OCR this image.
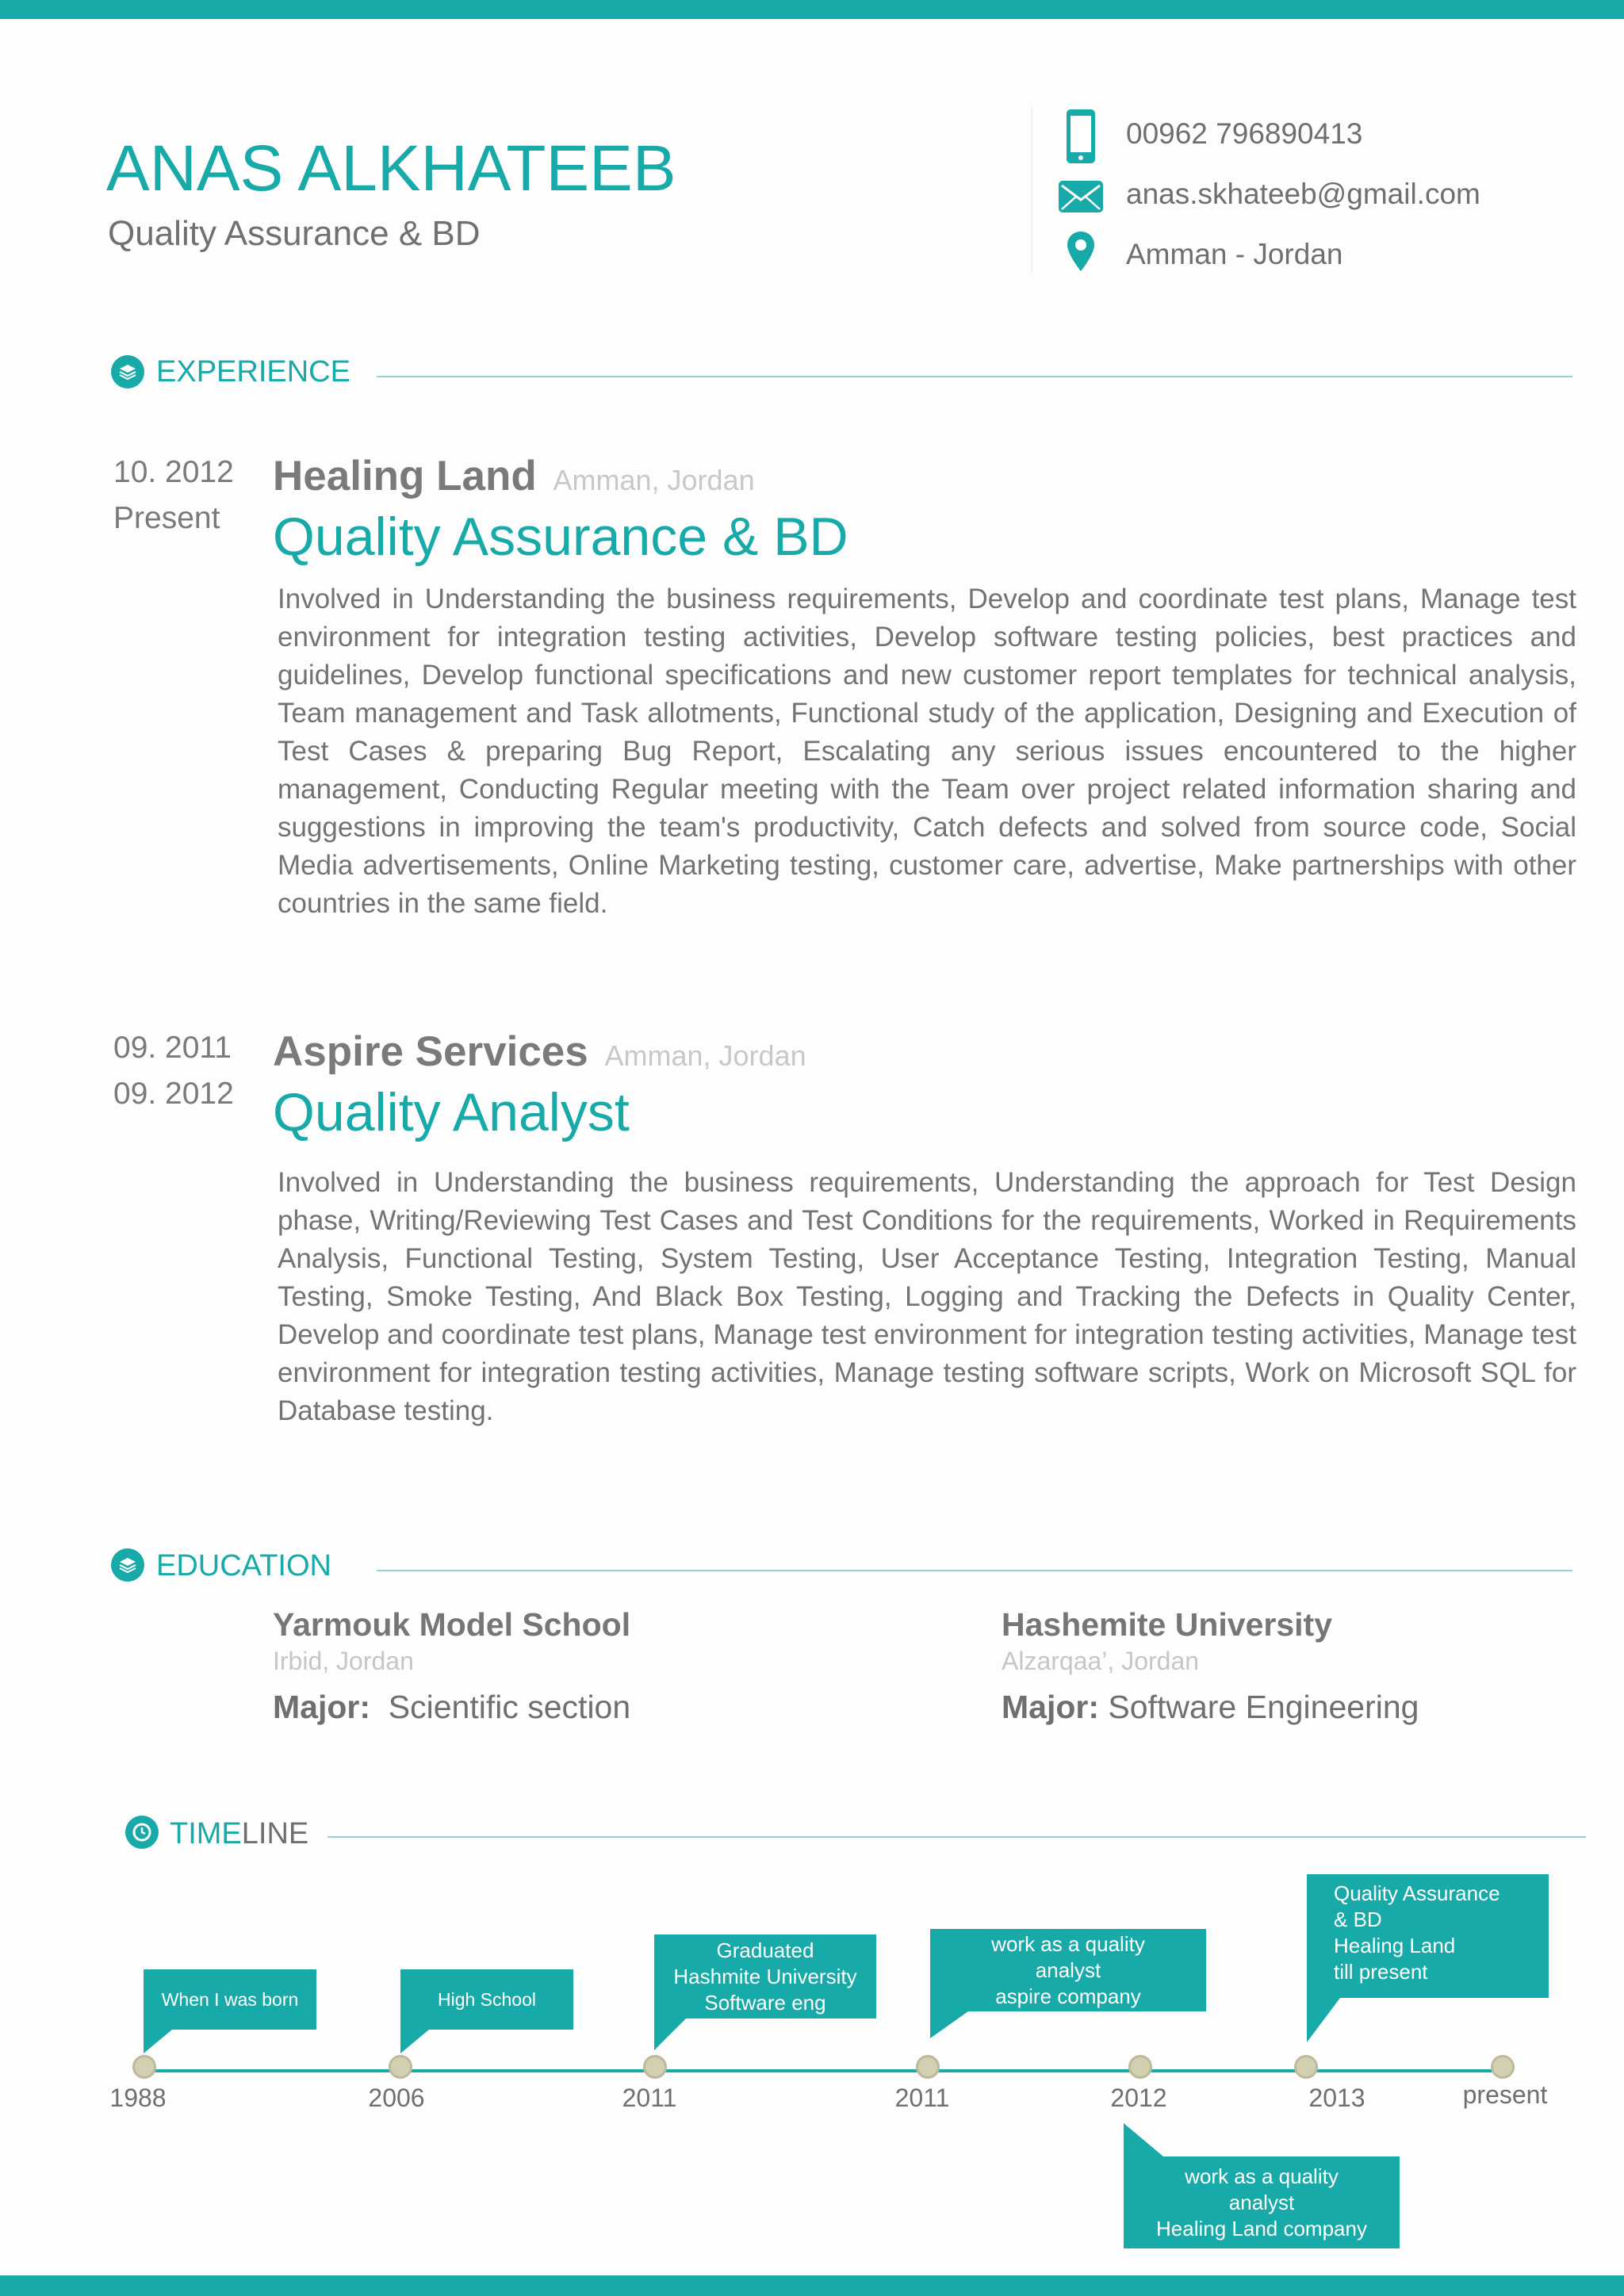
ANAS ALKHATEEB
Quality Assurance & BD
00962 796890413
anas.skhateeb@gmail.com
Amman - Jordan
EXPERIENCE
10. 2012
Present
Healing Land Amman, Jordan
Quality Assurance & BD
Involved in Understanding the business requirements, Develop and coordinate test plans, Manage test environment for integration testing activities, Develop software testing policies, best practices and guidelines, Develop functional specifications and new customer report templates for technical analysis, Team management and Task allotments, Functional study of the application, Designing and Execution of Test Cases & preparing Bug Report, Escalating any serious issues encountered to the higher management, Conducting Regular meeting with the Team over project related information sharing and suggestions in improving the team's productivity, Catch defects and solved from source code, Social Media advertisements, Online Marketing testing, customer care, advertise, Make partnerships with other countries in the same field.
09. 2011
09. 2012
Aspire Services Amman, Jordan
Quality Analyst
Involved in Understanding the business requirements, Understanding the approach for Test Design phase, Writing/Reviewing Test Cases and Test Conditions for the requirements, Worked in Requirements Analysis, Functional Testing, System Testing, User Acceptance Testing, Integration Testing, Manual Testing, Smoke Testing, And Black Box Testing, Logging and Tracking the Defects in Quality Center, Develop and coordinate test plans, Manage test environment for integration testing activities, Manage test environment for integration testing activities, Manage testing software scripts, Work on Microsoft SQL for Database testing.
EDUCATION
Yarmouk Model School
Irbid, Jordan
Major: Scientific section
Hashemite University
Alzarqaa’, Jordan
Major: Software Engineering
TIMELINE
When I was born	High School
Graduated
Hashmite University
Software eng
work as a quality
analyst
aspire company
work as a quality
analyst
Healing Land company
Quality Assurance
& BD
Healing Land
till present
1988	2006	2011	2011	2012	2013	present
